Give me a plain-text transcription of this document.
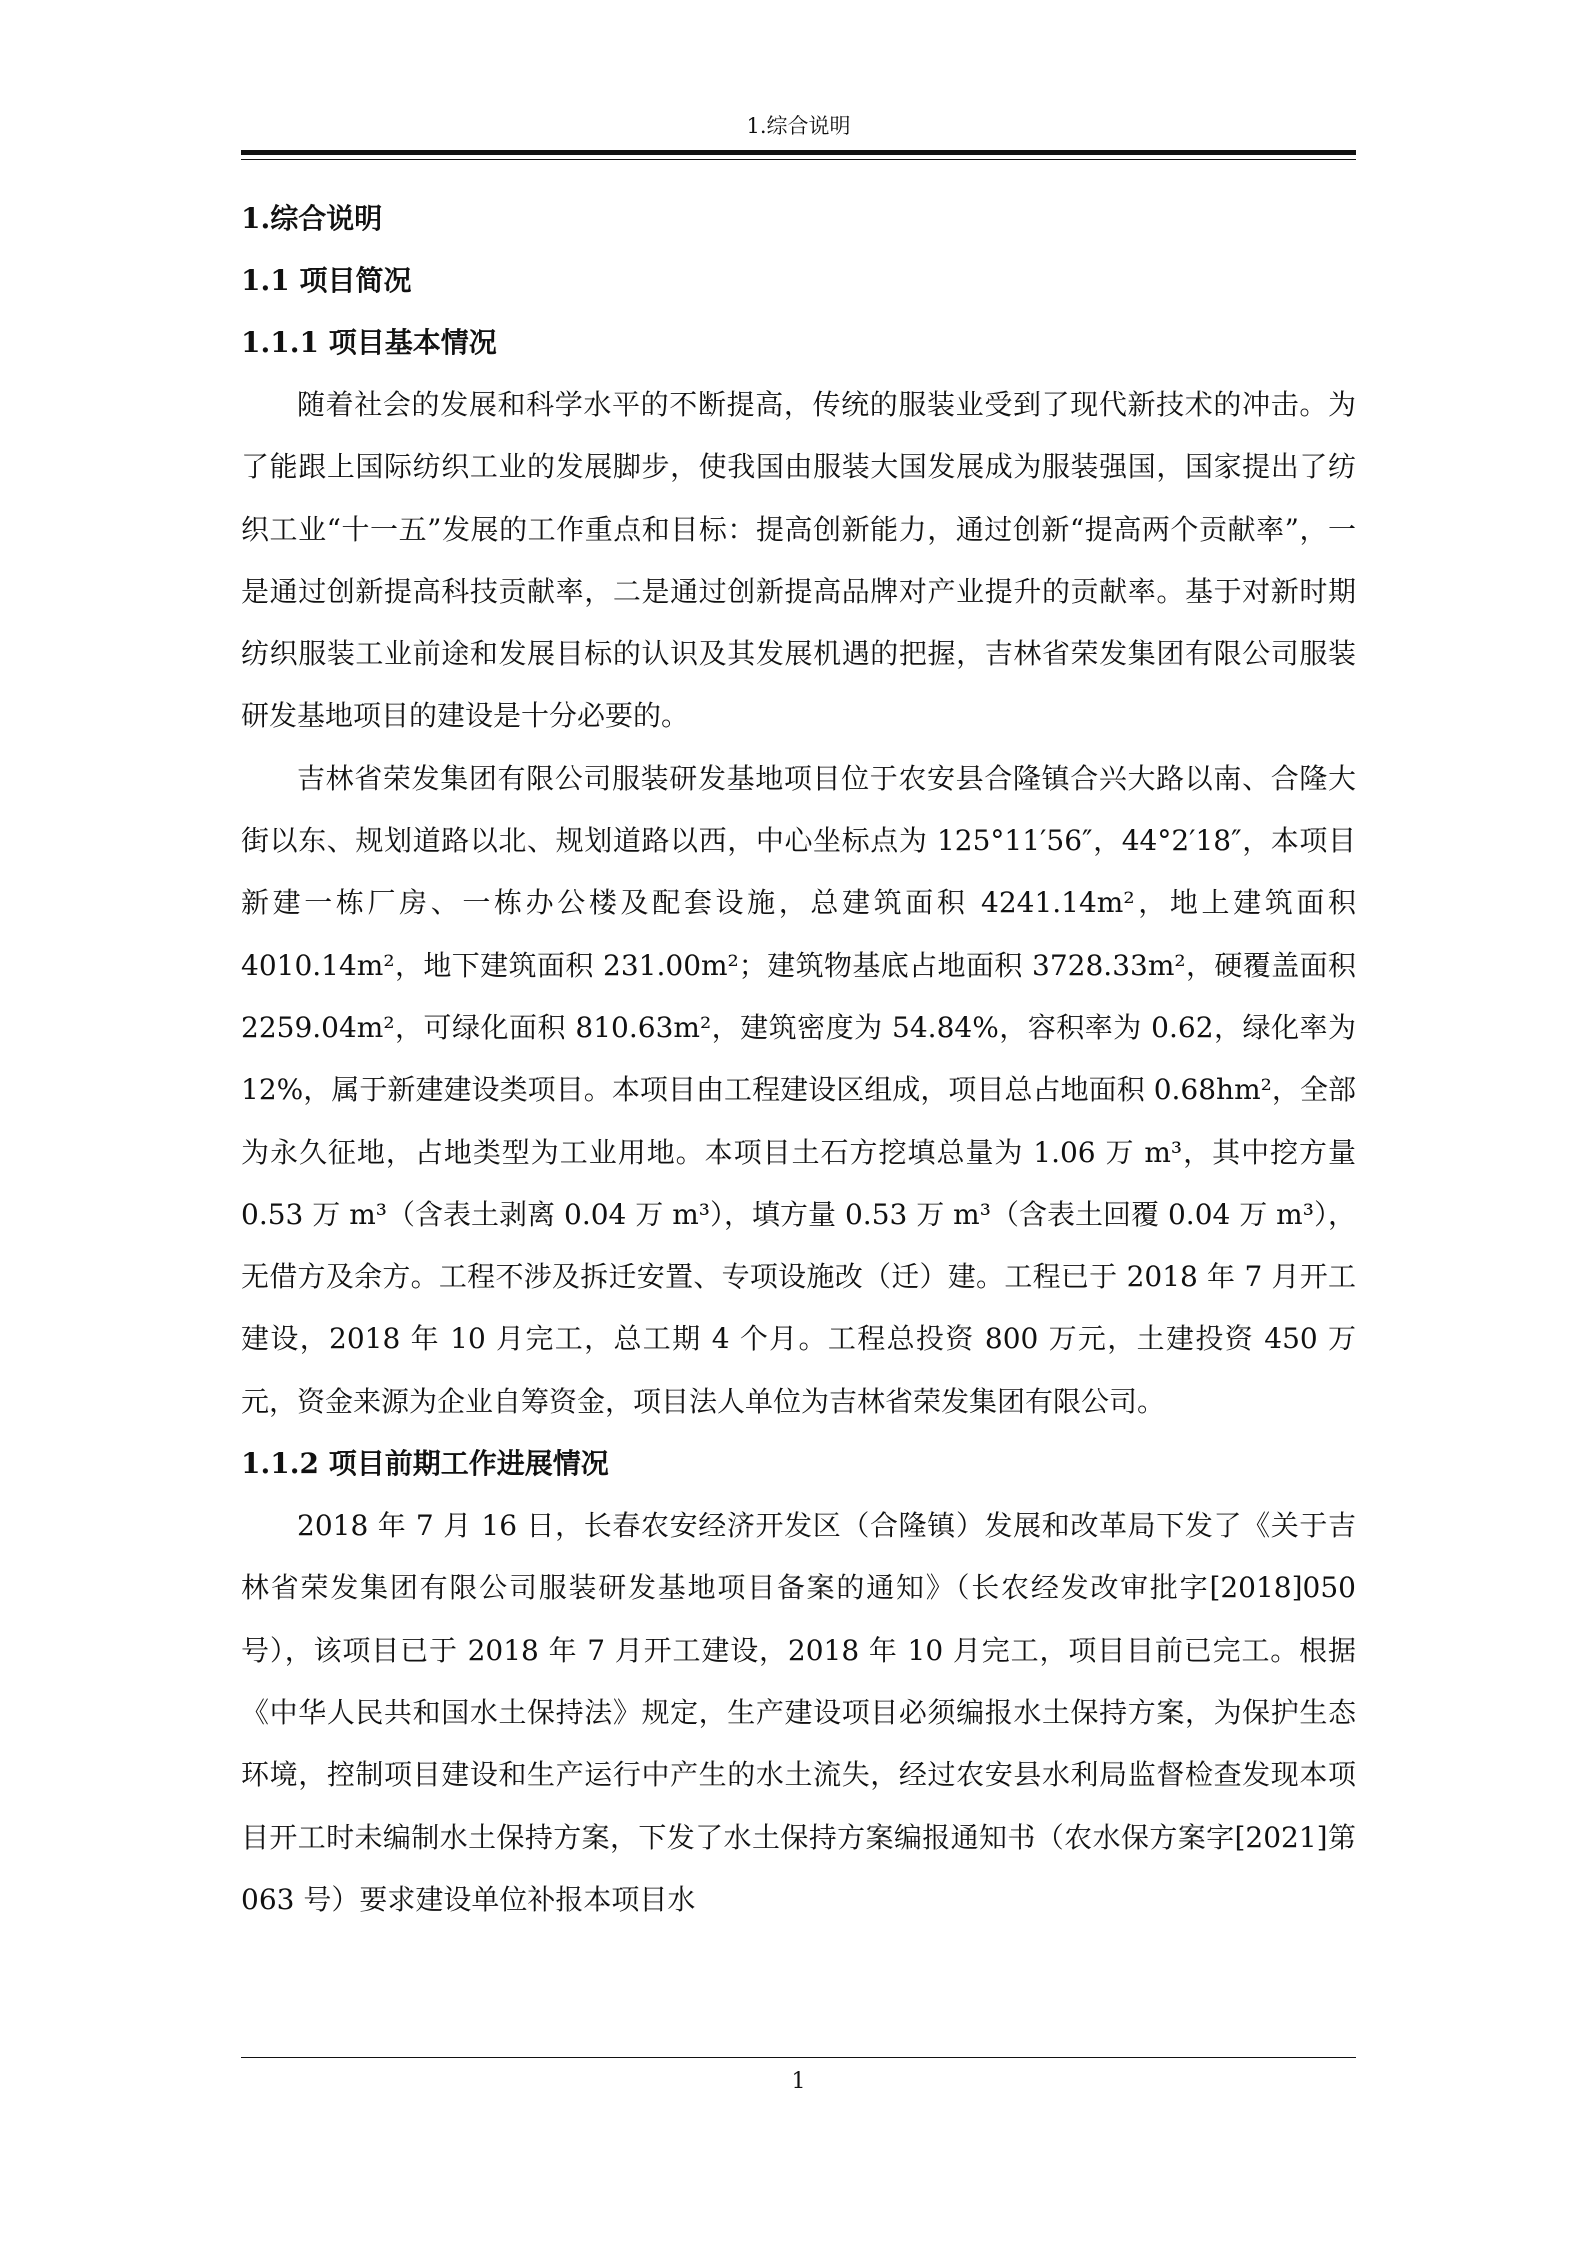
1.综合说明
1.综合说明
1.1 项目简况
1.1.1 项目基本情况

随着社会的发展和科学水平的不断提高，传统的服装业受到了现代新技术的冲击。为了能跟上国际纺织工业的发展脚步，使我国由服装大国发展成为服装强国，国家提出了纺织工业“十一五”发展的工作重点和目标：提高创新能力，通过创新“提高两个贡献率”，一是通过创新提高科技贡献率，二是通过创新提高品牌对产业提升的贡献率。基于对新时期纺织服装工业前途和发展目标的认识及其发展机遇的把握，吉林省荣发集团有限公司服装研发基地项目的建设是十分必要的。

吉林省荣发集团有限公司服装研发基地项目位于农安县合隆镇合兴大路以南、合隆大街以东、规划道路以北、规划道路以西，中心坐标点为 125°11′56″，44°2′18″，本项目新建一栋厂房、一栋办公楼及配套设施，总建筑面积 4241.14m²，地上建筑面积 4010.14m²，地下建筑面积 231.00m²；建筑物基底占地面积 3728.33m²，硬覆盖面积 2259.04m²，可绿化面积 810.63m²，建筑密度为 54.84%，容积率为 0.62，绿化率为 12%，属于新建建设类项目。本项目由工程建设区组成，项目总占地面积 0.68hm²，全部为永久征地，占地类型为工业用地。本项目土石方挖填总量为 1.06 万 m³，其中挖方量 0.53 万 m³（含表土剥离 0.04 万 m³），填方量 0.53 万 m³（含表土回覆 0.04 万 m³），无借方及余方。工程不涉及拆迁安置、专项设施改（迁）建。工程已于 2018 年 7 月开工建设，2018 年 10 月完工，总工期 4 个月。工程总投资 800 万元，土建投资 450 万元，资金来源为企业自筹资金，项目法人单位为吉林省荣发集团有限公司。

1.1.2 项目前期工作进展情况

2018 年 7 月 16 日，长春农安经济开发区（合隆镇）发展和改革局下发了《关于吉林省荣发集团有限公司服装研发基地项目备案的通知》（长农经发改审批字[2018]050 号），该项目已于 2018 年 7 月开工建设，2018 年 10 月完工，项目目前已完工。根据《中华人民共和国水土保持法》规定，生产建设项目必须编报水土保持方案，为保护生态环境，控制项目建设和生产运行中产生的水土流失，经过农安县水利局监督检查发现本项目开工时未编制水土保持方案，下发了水土保持方案编报通知书（农水保方案字[2021]第 063 号）要求建设单位补报本项目水

1
